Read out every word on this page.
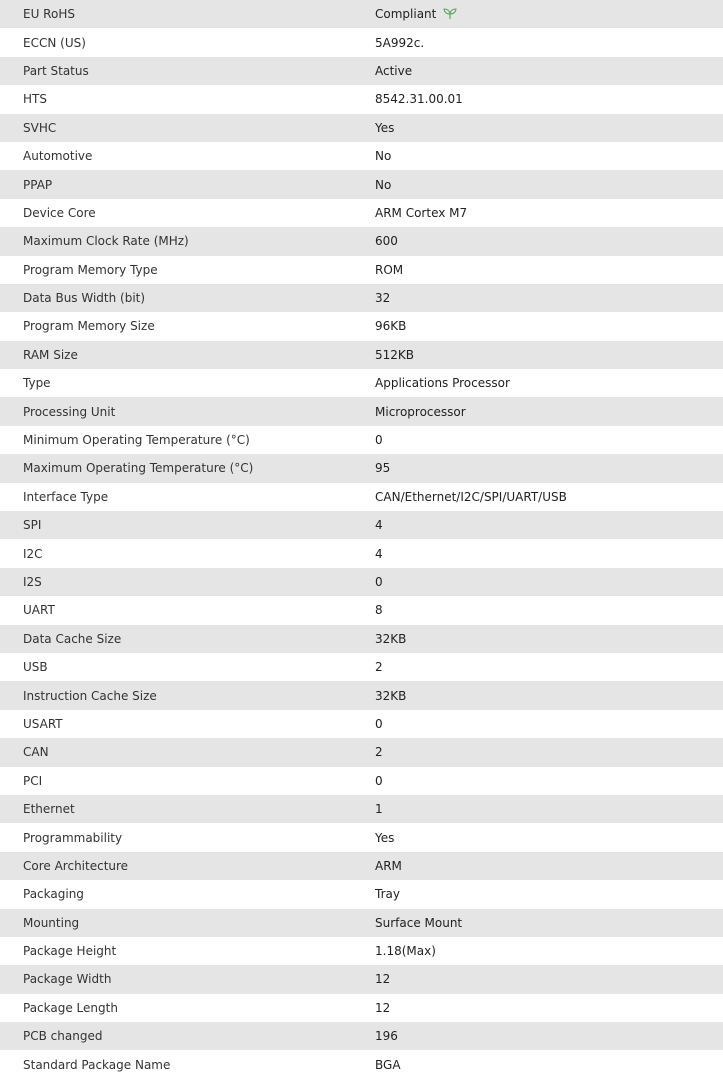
EU RoHS	Compliant
ECCN (US)	5A992c.
Part Status	Active
HTS	8542.31.00.01
SVHC	Yes
Automotive	No
PPAP	No
Device Core	ARM Cortex M7
Maximum Clock Rate (MHz)	600
Program Memory Type	ROM
Data Bus Width (bit)	32
Program Memory Size	96KB
RAM Size	512KB
Type	Applications Processor
Processing Unit	Microprocessor
Minimum Operating Temperature (°C)	0
Maximum Operating Temperature (°C)	95
Interface Type	CAN/Ethernet/I2C/SPI/UART/USB
SPI	4
I2C	4
I2S	0
UART	8
Data Cache Size	32KB
USB	2
Instruction Cache Size	32KB
USART	0
CAN	2
PCI	0
Ethernet	1
Programmability	Yes
Core Architecture	ARM
Packaging	Tray
Mounting	Surface Mount
Package Height	1.18(Max)
Package Width	12
Package Length	12
PCB changed	196
Standard Package Name	BGA
